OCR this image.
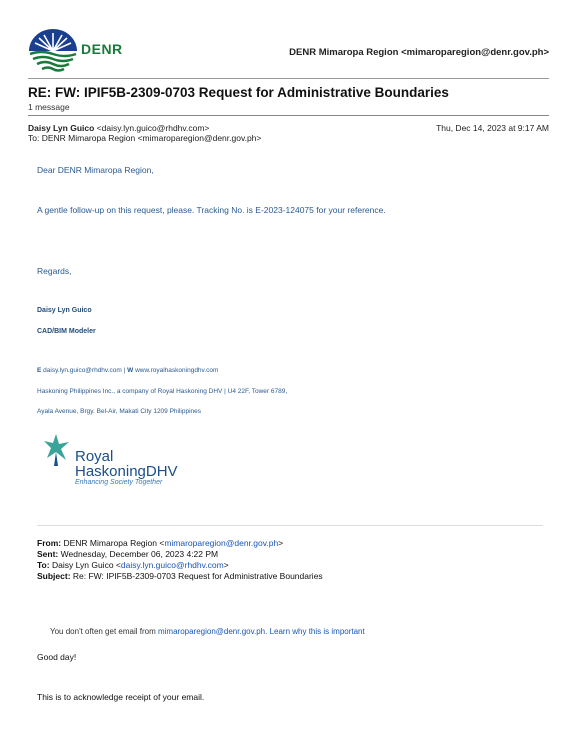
DENR	DENR Mimaropa Region <mimaroparegion@denr.gov.ph>
RE: FW: IPIF5B-2309-0703 Request for Administrative Boundaries
1 message
Daisy Lyn Guico <daisy.lyn.guico@rhdhv.com>	Thu, Dec 14, 2023 at 9:17 AM
To: DENR Mimaropa Region <mimaroparegion@denr.gov.ph>
Dear DENR Mimaropa Region,
A gentle follow-up on this request, please. Tracking No. is E-2023-124075 for your reference.
Regards,
Daisy Lyn Guico
CAD/BIM Modeler
E daisy.lyn.guico@rhdhv.com | W www.royalhaskoningdhv.com
Haskoning Philippines Inc., a company of Royal Haskoning DHV | U4 22F, Tower 6789,
Ayala Avenue, Brgy. Bel-Air, Makati City 1209 Philippines
Royal
HaskoningDHV
Enhancing Society Together
From: DENR Mimaropa Region <mimaroparegion@denr.gov.ph>
Sent: Wednesday, December 06, 2023 4:22 PM
To: Daisy Lyn Guico <daisy.lyn.guico@rhdhv.com>
Subject: Re: FW: IPIF5B-2309-0703 Request for Administrative Boundaries
You don't often get email from mimaroparegion@denr.gov.ph. Learn why this is important
Good day!
This is to acknowledge receipt of your email.
